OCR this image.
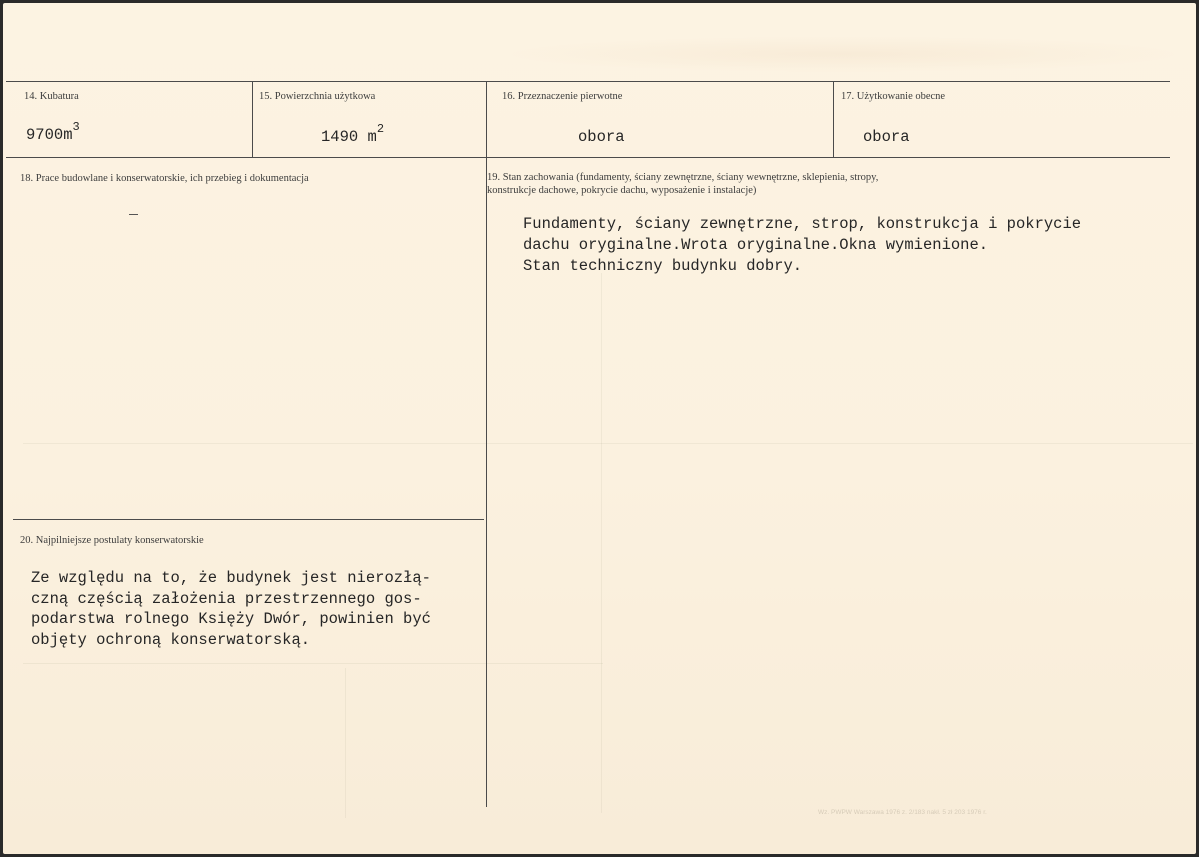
14. Kubatura
$9700m^3$
15. Powierzchnia użytkowa
1490 $m^2$
16. Przeznaczenie pierwotne
obora
17. Użytkowanie obecne
obora
18. Prace budowlane i konserwatorskie, ich przebieg i dokumentacja	19. Stan zachowania (fundamenty, ściany zewnętrzne, ściany wewnętrzne, sklepienia, stropy,
konstrukcje dachowe, pokrycie dachu, wyposażenie i instalacje)
Fundamenty, ściany zewnętrzne, strop, konstrukcja i pokrycie
dachu oryginalne.Wrota oryginalne.Okna wymienione.
Stan techniczny budynku dobry.
20. Najpilniejsze postulaty konserwatorskie
Ze względu na to, że budynek jest nierozłą-
czną częścią założenia przestrzennego gos-
podarstwa rolnego Księży Dwór, powinien być
objęty ochroną konserwatorską.
Wz. PWPW Warszawa 1976 z. 2/183 nakł. 5 zł 203 1976 r.
